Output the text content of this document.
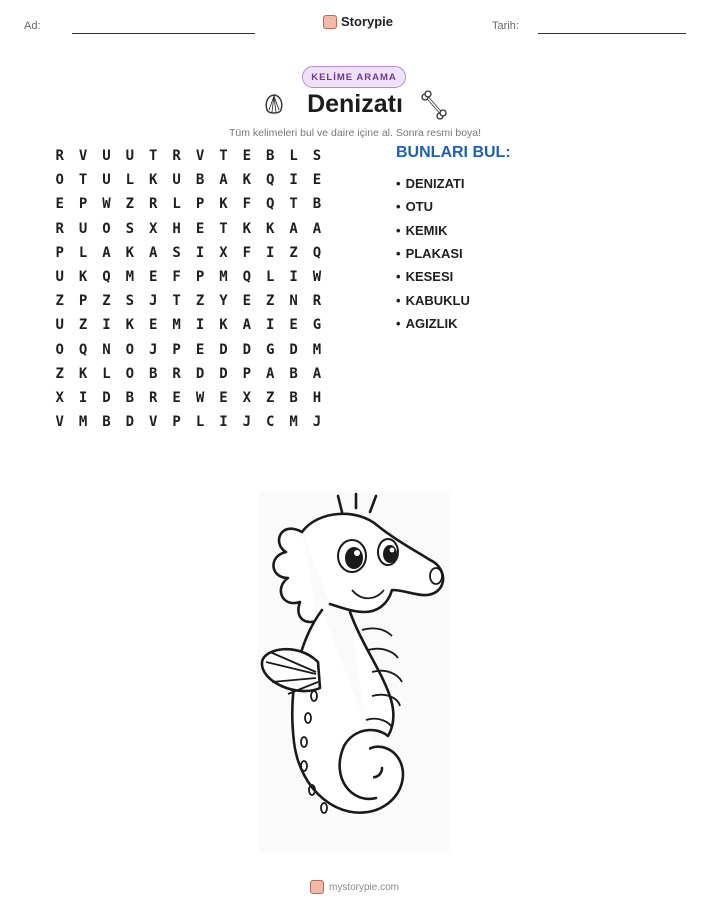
Ad:	Storypie	Tarih:
KELİME ARAMA
Denizatı
Tüm kelimeleri bul ve daire içine al. Sonra resmi boya!
R	V	U	U	T	R	V	T	E	B	L	S
O	T	U	L	K	U	B	A	K	Q	I	E
E	P	W	Z	R	L	P	K	F	Q	T	B
R	U	O	S	X	H	E	T	K	K	A	A
P	L	A	K	A	S	I	X	F	I	Z	Q
U	K	Q	M	E	F	P	M	Q	L	I	W
Z	P	Z	S	J	T	Z	Y	E	Z	N	R
U	Z	I	K	E	M	I	K	A	I	E	G
O	Q	N	O	J	P	E	D	D	G	D	M
Z	K	L	O	B	R	D	D	P	A	B	A
X	I	D	B	R	E	W	E	X	Z	B	H
V	M	B	D	V	P	L	I	J	C	M	J
BUNLARI BUL:
• DENIZATI
• OTU
• KEMIK
• PLAKASI
• KESESI
• KABUKLU
• AGIZLIK
mystorypie.com
